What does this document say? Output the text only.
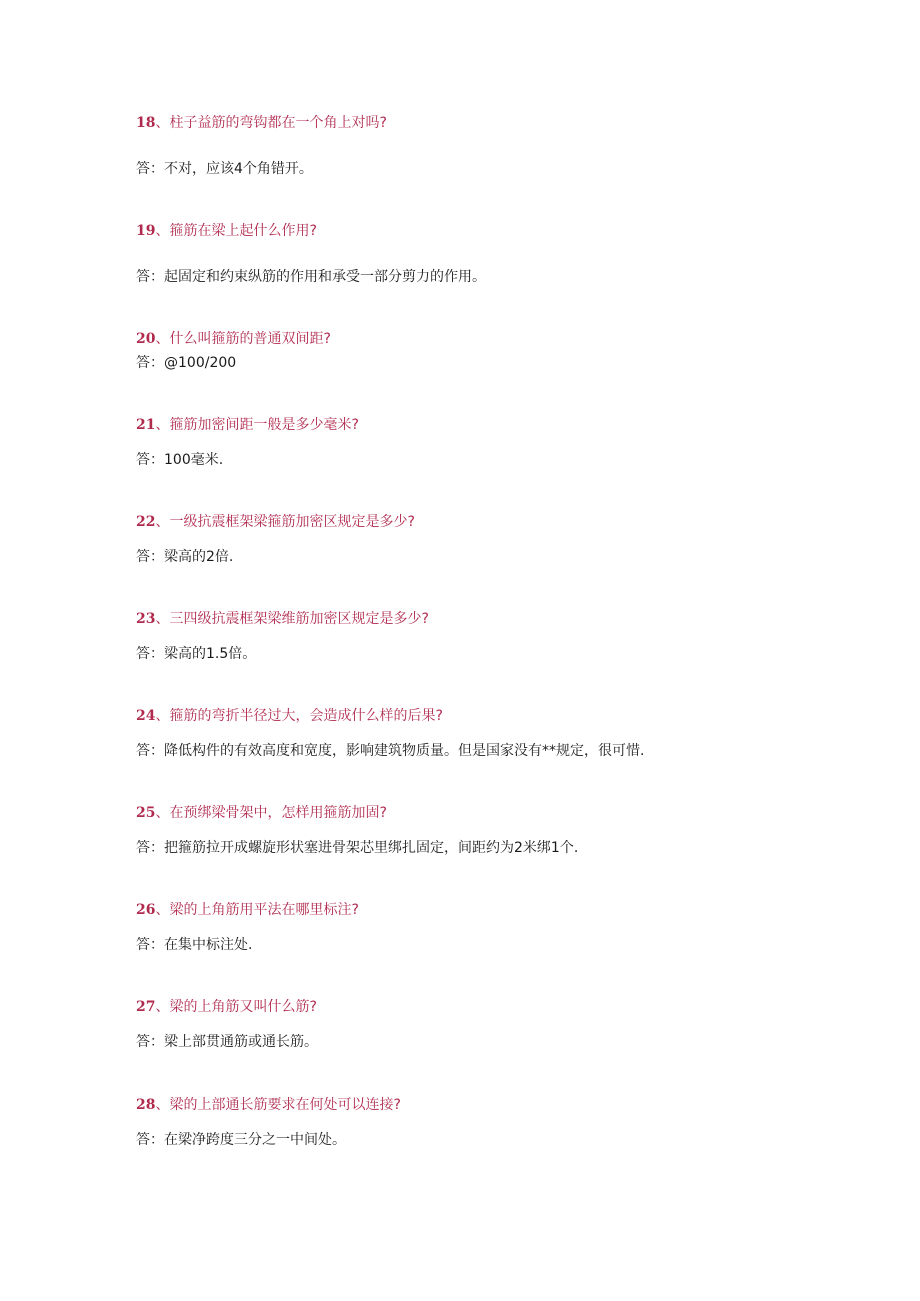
18、柱子益筋的弯钩都在一个角上对吗?
答：不对，应该4个角错开。
19、箍筋在梁上起什么作用?
答：起固定和约束纵筋的作用和承受一部分剪力的作用。
20、什么叫箍筋的普通双间距?
答：@100/200
21、箍筋加密间距一般是多少毫米?
答：100毫米.
22、一级抗震框架梁箍筋加密区规定是多少?
答：梁高的2倍.
23、三四级抗震框架梁维筋加密区规定是多少?
答：梁高的1.5倍。
24、箍筋的弯折半径过大，会造成什么样的后果?
答：降低构件的有效高度和宽度，影响建筑物质量。但是国家没有**规定，很可惜.
25、在预绑梁骨架中，怎样用箍筋加固?
答：把箍筋拉开成螺旋形状塞进骨架芯里绑扎固定，间距约为2米绑1个.
26、梁的上角筋用平法在哪里标注?
答：在集中标注处.
27、梁的上角筋又叫什么筋?
答：梁上部贯通筋或通长筋。
28、梁的上部通长筋要求在何处可以连接?
答：在梁净跨度三分之一中间处。
